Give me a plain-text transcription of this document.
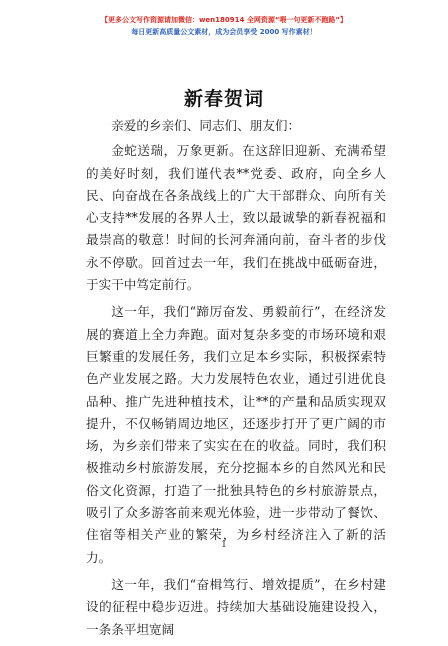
【更多公文写作资源请加微信：wen180914 全网资源“喂一句更新不跑路”】
每日更新高质量公文素材，成为会员享受 2000 写作素材！
新春贺词

亲爱的乡亲们、同志们、朋友们：

金蛇送瑞，万象更新。在这辞旧迎新、充满希望的美好时刻，我们谨代表**党委、政府，向全乡人民、向奋战在各条战线上的广大干部群众、向所有关心支持**发展的各界人士，致以最诚挚的新春祝福和最崇高的敬意！时间的长河奔涌向前，奋斗者的步伐永不停歇。回首过去一年，我们在挑战中砥砺奋进，于实干中笃定前行。

这一年，我们“蹄厉奋发、勇毅前行”，在经济发展的赛道上全力奔跑。面对复杂多变的市场环境和艰巨繁重的发展任务，我们立足本乡实际，积极探索特色产业发展之路。大力发展特色农业，通过引进优良品种、推广先进种植技术，让**的产量和品质实现双提升，不仅畅销周边地区，还逐步打开了更广阔的市场，为乡亲们带来了实实在在的收益。同时，我们积极推动乡村旅游发展，充分挖掘本乡的自然风光和民俗文化资源，打造了一批独具特色的乡村旅游景点，吸引了众多游客前来观光体验，进一步带动了餐饮、住宿等相关产业的繁荣，为乡村经济注入了新的活力。

这一年，我们“奋楫笃行、增效提质”，在乡村建设的征程中稳步迈进。持续加大基础设施建设投入，一条条平坦宽阔

1
